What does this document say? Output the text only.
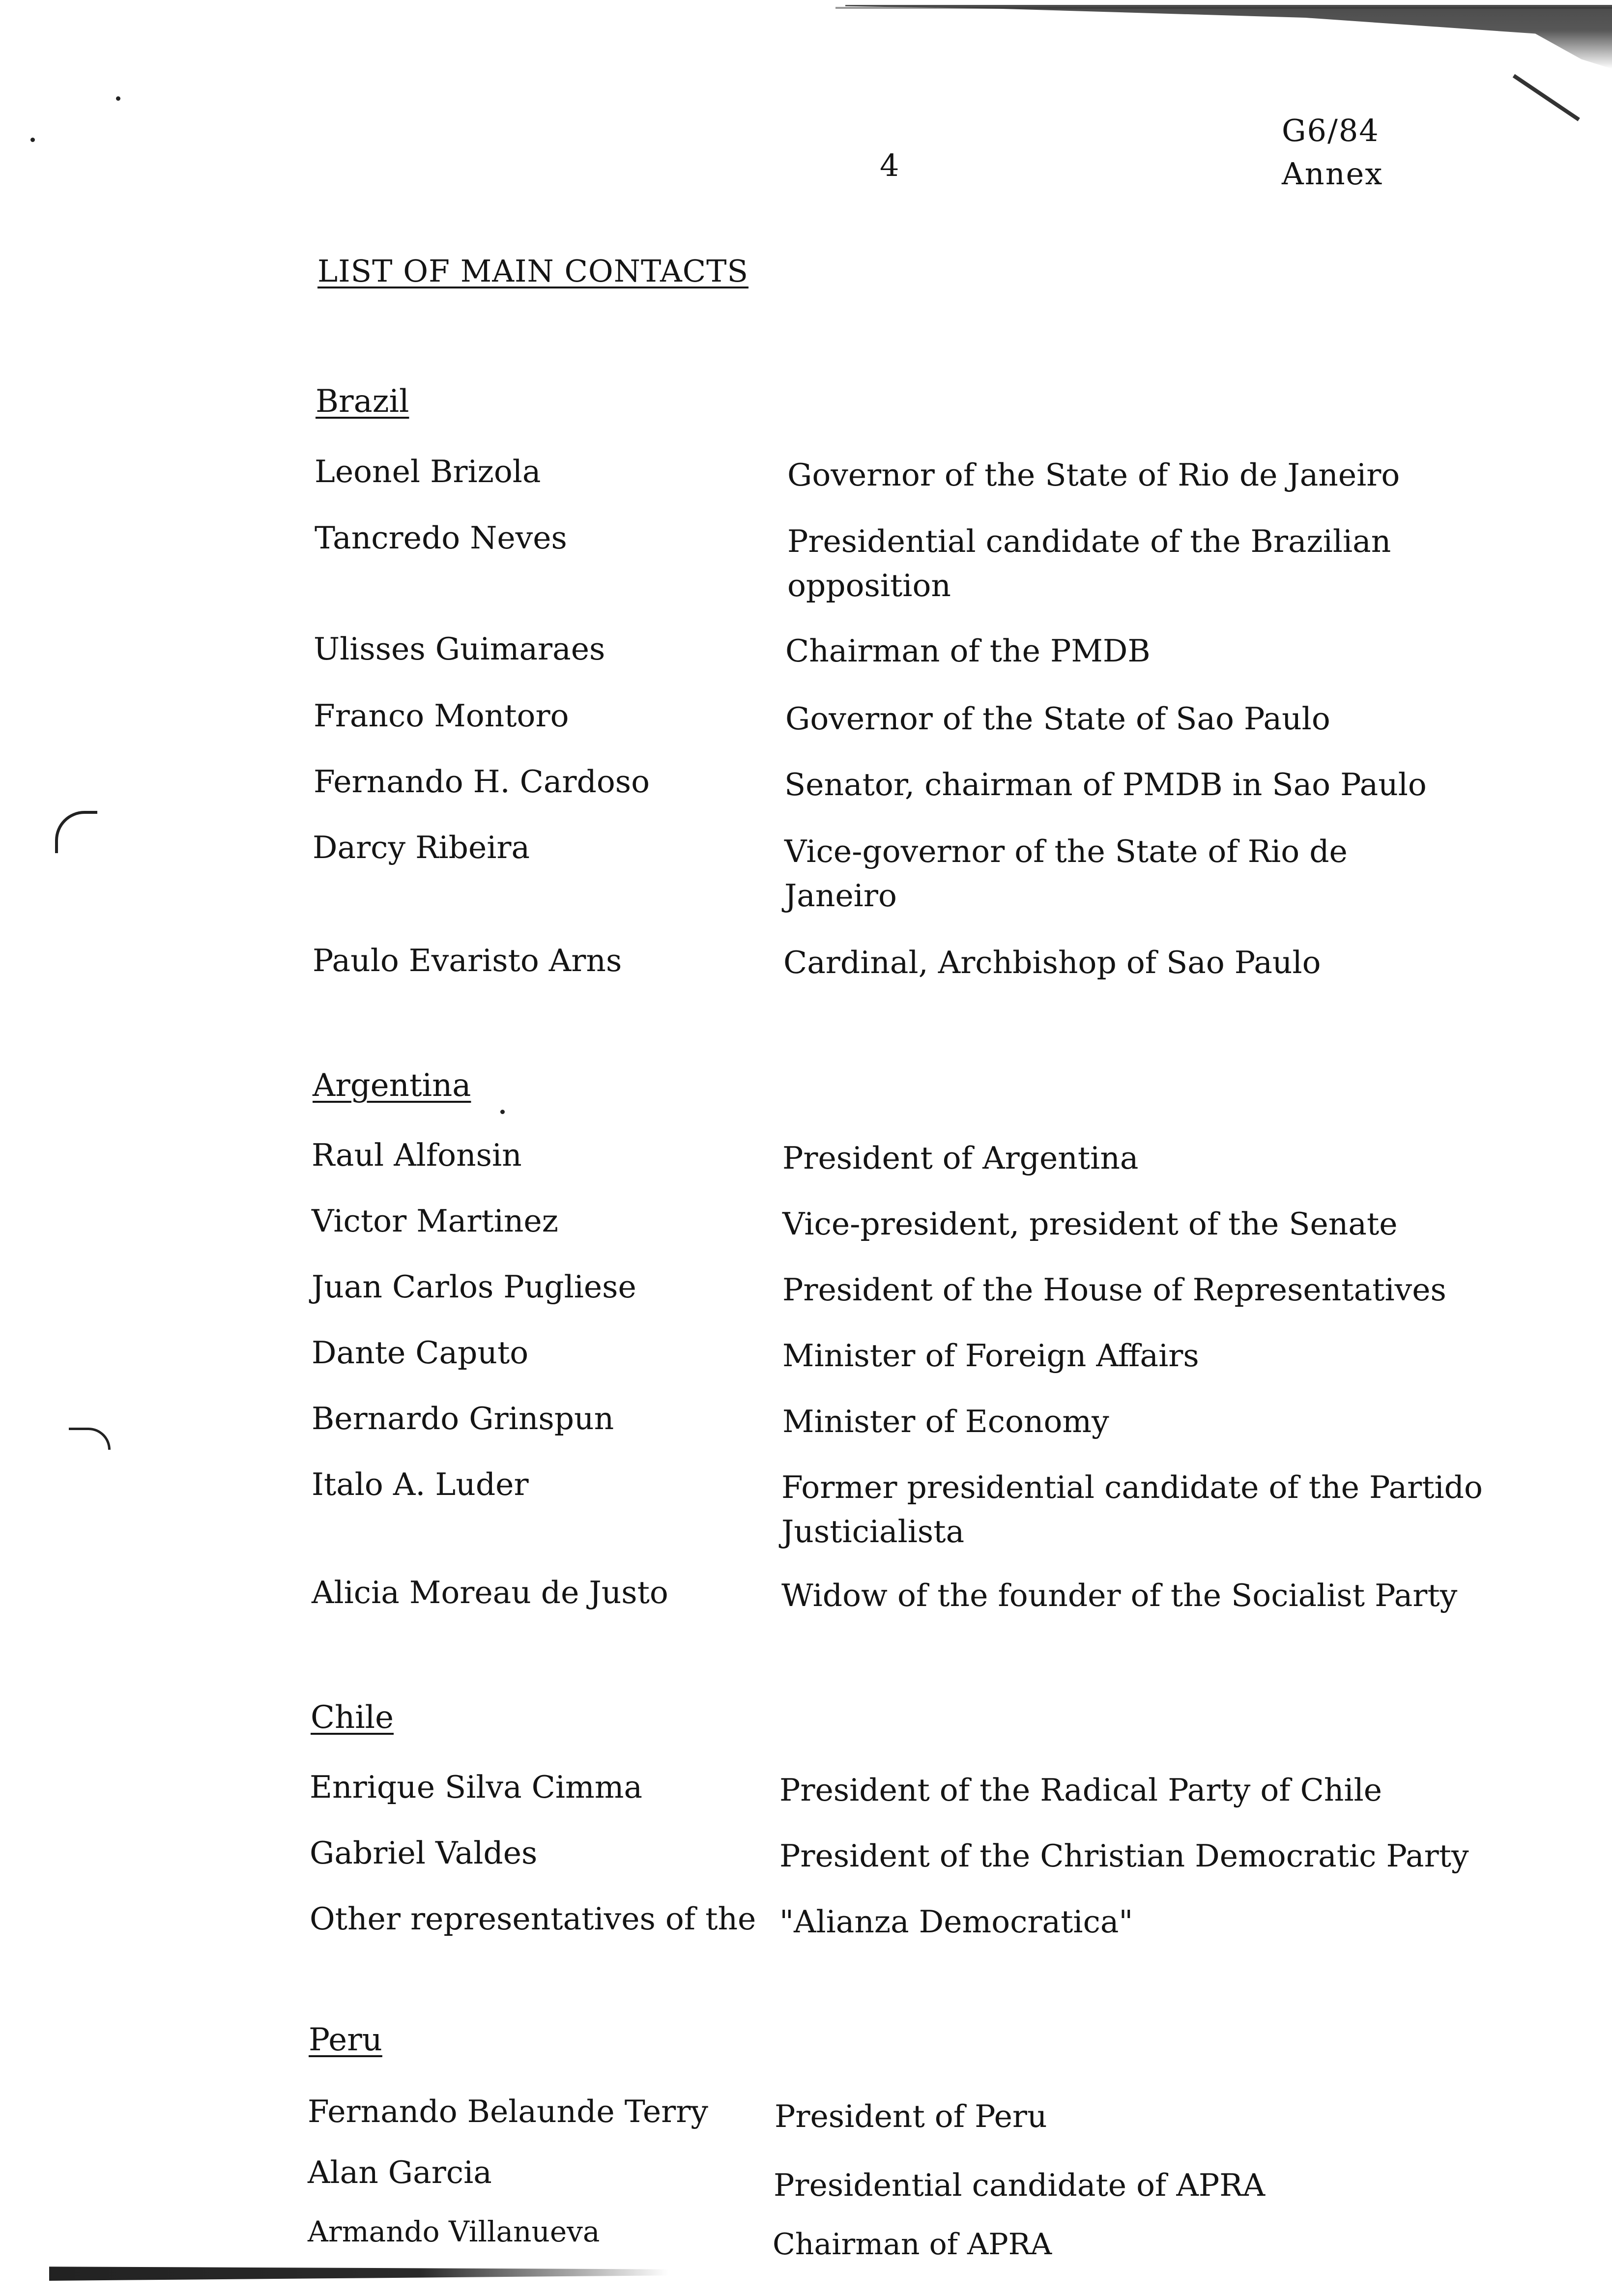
4
G6/84
Annex
LIST OF MAIN CONTACTS
Brazil
Leonel Brizola	Governor of the State of Rio de Janeiro
Tancredo Neves	Presidential candidate of the Brazilian opposition
Ulisses Guimaraes	Chairman of the PMDB
Franco Montoro	Governor of the State of Sao Paulo
Fernando H. Cardoso	Senator, chairman of PMDB in Sao Paulo
Darcy Ribeira	Vice-governor of the State of Rio de Janeiro
Paulo Evaristo Arns	Cardinal, Archbishop of Sao Paulo
Argentina
Raul Alfonsin	President of Argentina
Victor Martinez	Vice-president, president of the Senate
Juan Carlos Pugliese	President of the House of Representatives
Dante Caputo	Minister of Foreign Affairs
Bernardo Grinspun	Minister of Economy
Italo A. Luder	Former presidential candidate of the Partido Justicialista
Alicia Moreau de Justo	Widow of the founder of the Socialist Party
Chile
Enrique Silva Cimma	President of the Radical Party of Chile
Gabriel Valdes	President of the Christian Democratic Party
Other representatives of the "Alianza Democratica"
Peru
Fernando Belaunde Terry President of Peru
Alan Garcia	Presidential candidate of APRA
Armando Villanueva	Chairman of APRA
